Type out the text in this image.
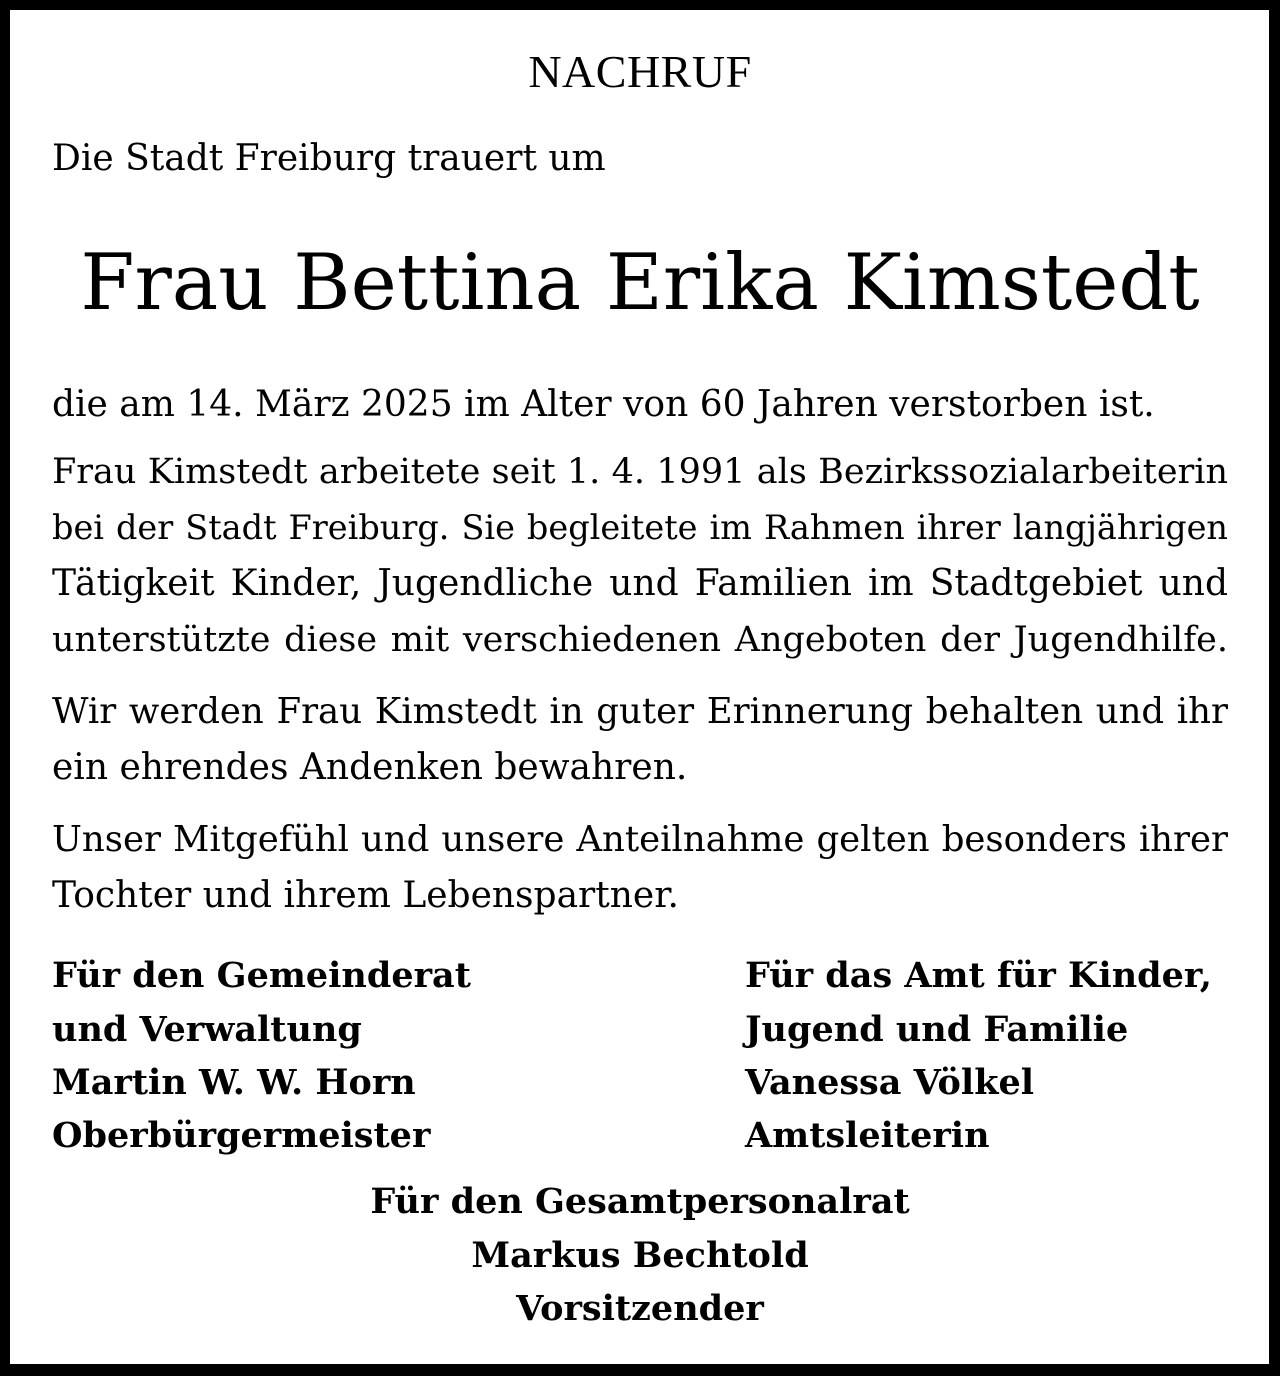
NACHRUF
Die Stadt Freiburg trauert um
Frau Bettina Erika Kimstedt
die am 14. März 2025 im Alter von 60 Jahren verstorben ist.
Frau Kimstedt arbeitete seit 1. 4. 1991 als Bezirkssozialarbeiterin
bei der Stadt Freiburg. Sie begleitete im Rahmen ihrer langjährigen
Tätigkeit Kinder, Jugendliche und Familien im Stadtgebiet und
unterstützte diese mit verschiedenen Angeboten der Jugendhilfe.
Wir werden Frau Kimstedt in guter Erinnerung behalten und ihr
ein ehrendes Andenken bewahren.
Unser Mitgefühl und unsere Anteilnahme gelten besonders ihrer
Tochter und ihrem Lebenspartner.
Für den Gemeinderat
und Verwaltung
Martin W. W. Horn
Oberbürgermeister
Für das Amt für Kinder,
Jugend und Familie
Vanessa Völkel
Amtsleiterin
Für den Gesamtpersonalrat
Markus Bechtold
Vorsitzender
